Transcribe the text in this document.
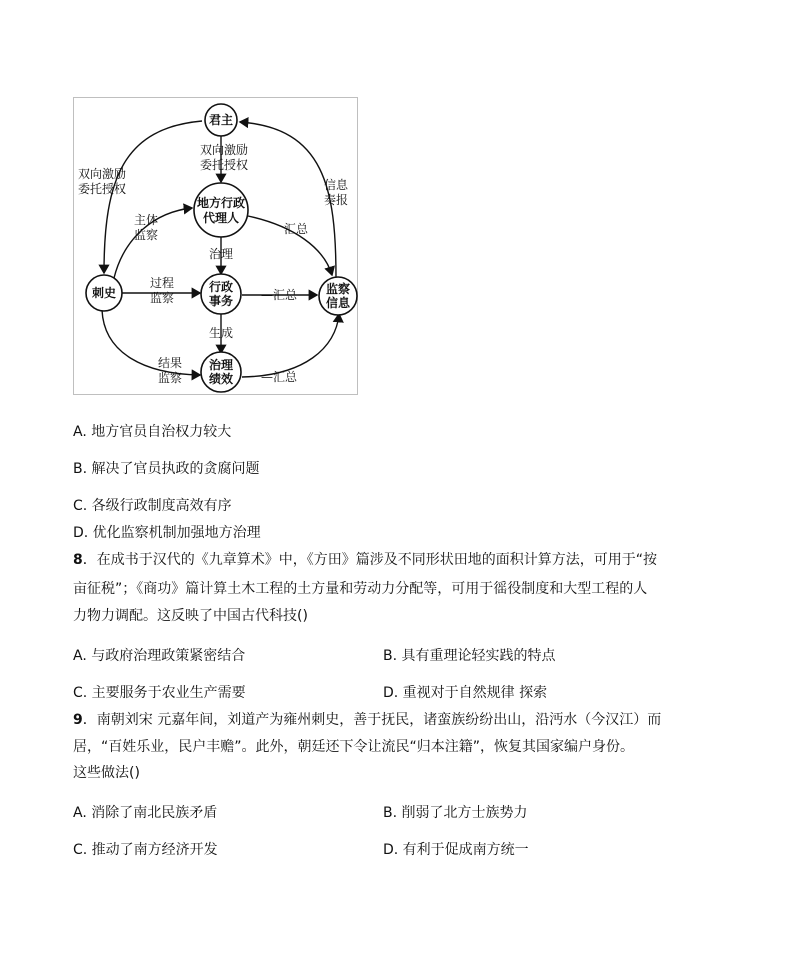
君主
地方行政
代理人
刺史	行政
事务
监察
信息
治理
绩效
双向激励
委托授权
双向激励
委托授权	信息
奏报
主体
监察
过程
监察
结果
监察
治理
生成
汇总
—汇总
—汇总
A. 地方官员自治权力较大
B. 解决了官员执政的贪腐问题
C. 各级行政制度高效有序
D. 优化监察机制加强地方治理
8．在成书于汉代的《九章算术》中，《方田》篇涉及不同形状田地的面积计算方法，可用于“按
亩征税”；《商功》篇计算土木工程的土方量和劳动力分配等，可用于徭役制度和大型工程的人
力物力调配。这反映了中国古代科技()
A. 与政府治理政策紧密结合	B. 具有重理论轻实践的特点
C. 主要服务于农业生产需要	D. 重视对于自然规律 探索
9．南朝刘宋 元嘉年间，刘道产为雍州刺史，善于抚民，诸蛮族纷纷出山，沿沔水（今汉江）而
居，“百姓乐业，民户丰赡”。此外，朝廷还下令让流民“归本注籍”，恢复其国家编户身份。
这些做法()
A. 消除了南北民族矛盾	B. 削弱了北方士族势力
C. 推动了南方经济开发	D. 有利于促成南方统一
